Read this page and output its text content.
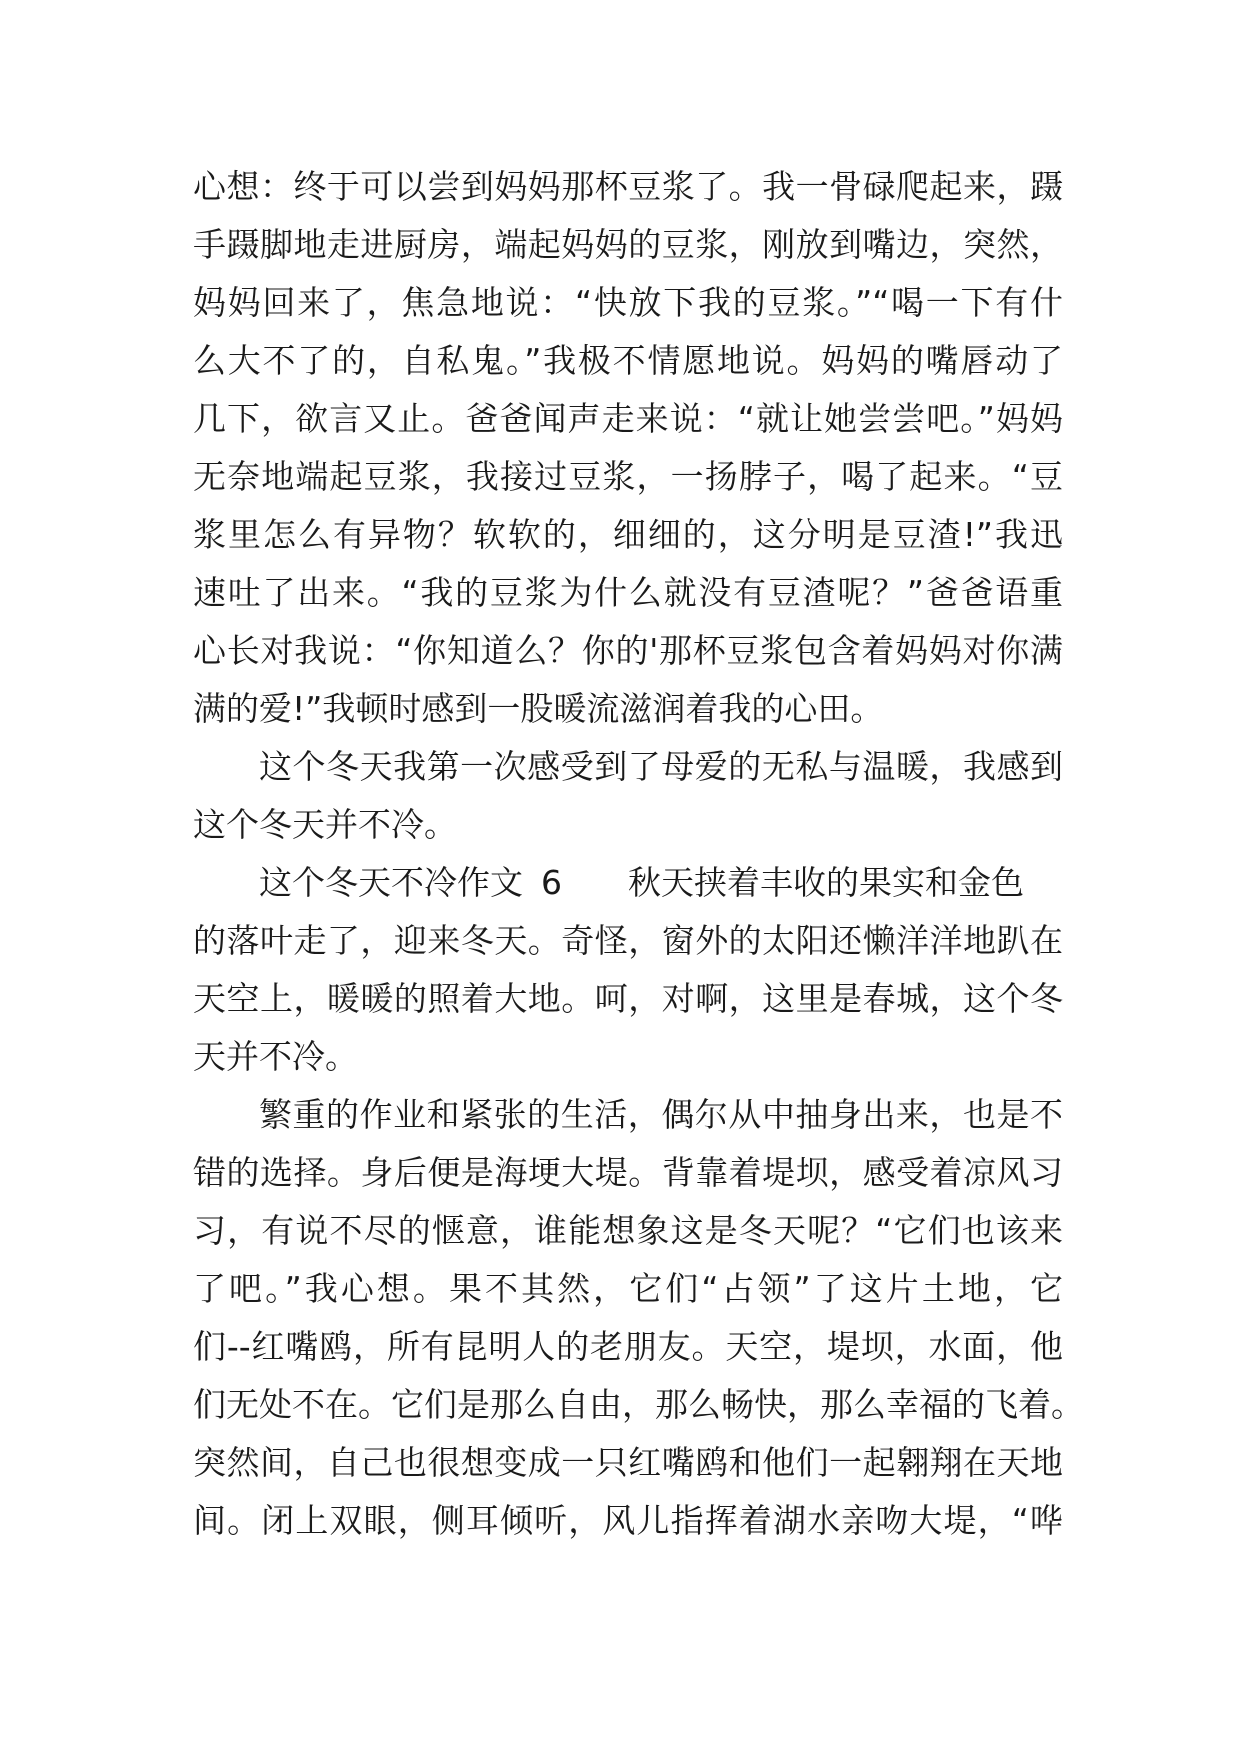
心想：终于可以尝到妈妈那杯豆浆了。我一骨碌爬起来，蹑
手蹑脚地走进厨房，端起妈妈的豆浆，刚放到嘴边，突然，
妈妈回来了，焦急地说：“快放下我的豆浆。”“喝一下有什
么大不了的，自私鬼。”我极不情愿地说。妈妈的嘴唇动了
几下，欲言又止。爸爸闻声走来说：“就让她尝尝吧。”妈妈
无奈地端起豆浆，我接过豆浆，一扬脖子，喝了起来。“豆
浆里怎么有异物？软软的，细细的，这分明是豆渣!”我迅
速吐了出来。“我的豆浆为什么就没有豆渣呢？”爸爸语重
心长对我说：“你知道么？你的'那杯豆浆包含着妈妈对你满
满的爱!”我顿时感到一股暖流滋润着我的心田。
这个冬天我第一次感受到了母爱的无私与温暖，我感到
这个冬天并不冷。
这个冬天不冷作文 6 秋天挟着丰收的果实和金色
的落叶走了，迎来冬天。奇怪，窗外的太阳还懒洋洋地趴在
天空上，暖暖的照着大地。呵，对啊，这里是春城，这个冬
天并不冷。
繁重的作业和紧张的生活，偶尔从中抽身出来，也是不
错的选择。身后便是海埂大堤。背靠着堤坝，感受着凉风习
习，有说不尽的惬意，谁能想象这是冬天呢？“它们也该来
了吧。”我心想。果不其然，它们“占领”了这片土地，它
们--红嘴鸥，所有昆明人的老朋友。天空，堤坝，水面，他
们无处不在。它们是那么自由，那么畅快，那么幸福的飞着。
突然间，自己也很想变成一只红嘴鸥和他们一起翱翔在天地
间。闭上双眼，侧耳倾听，风儿指挥着湖水亲吻大堤，“哗
